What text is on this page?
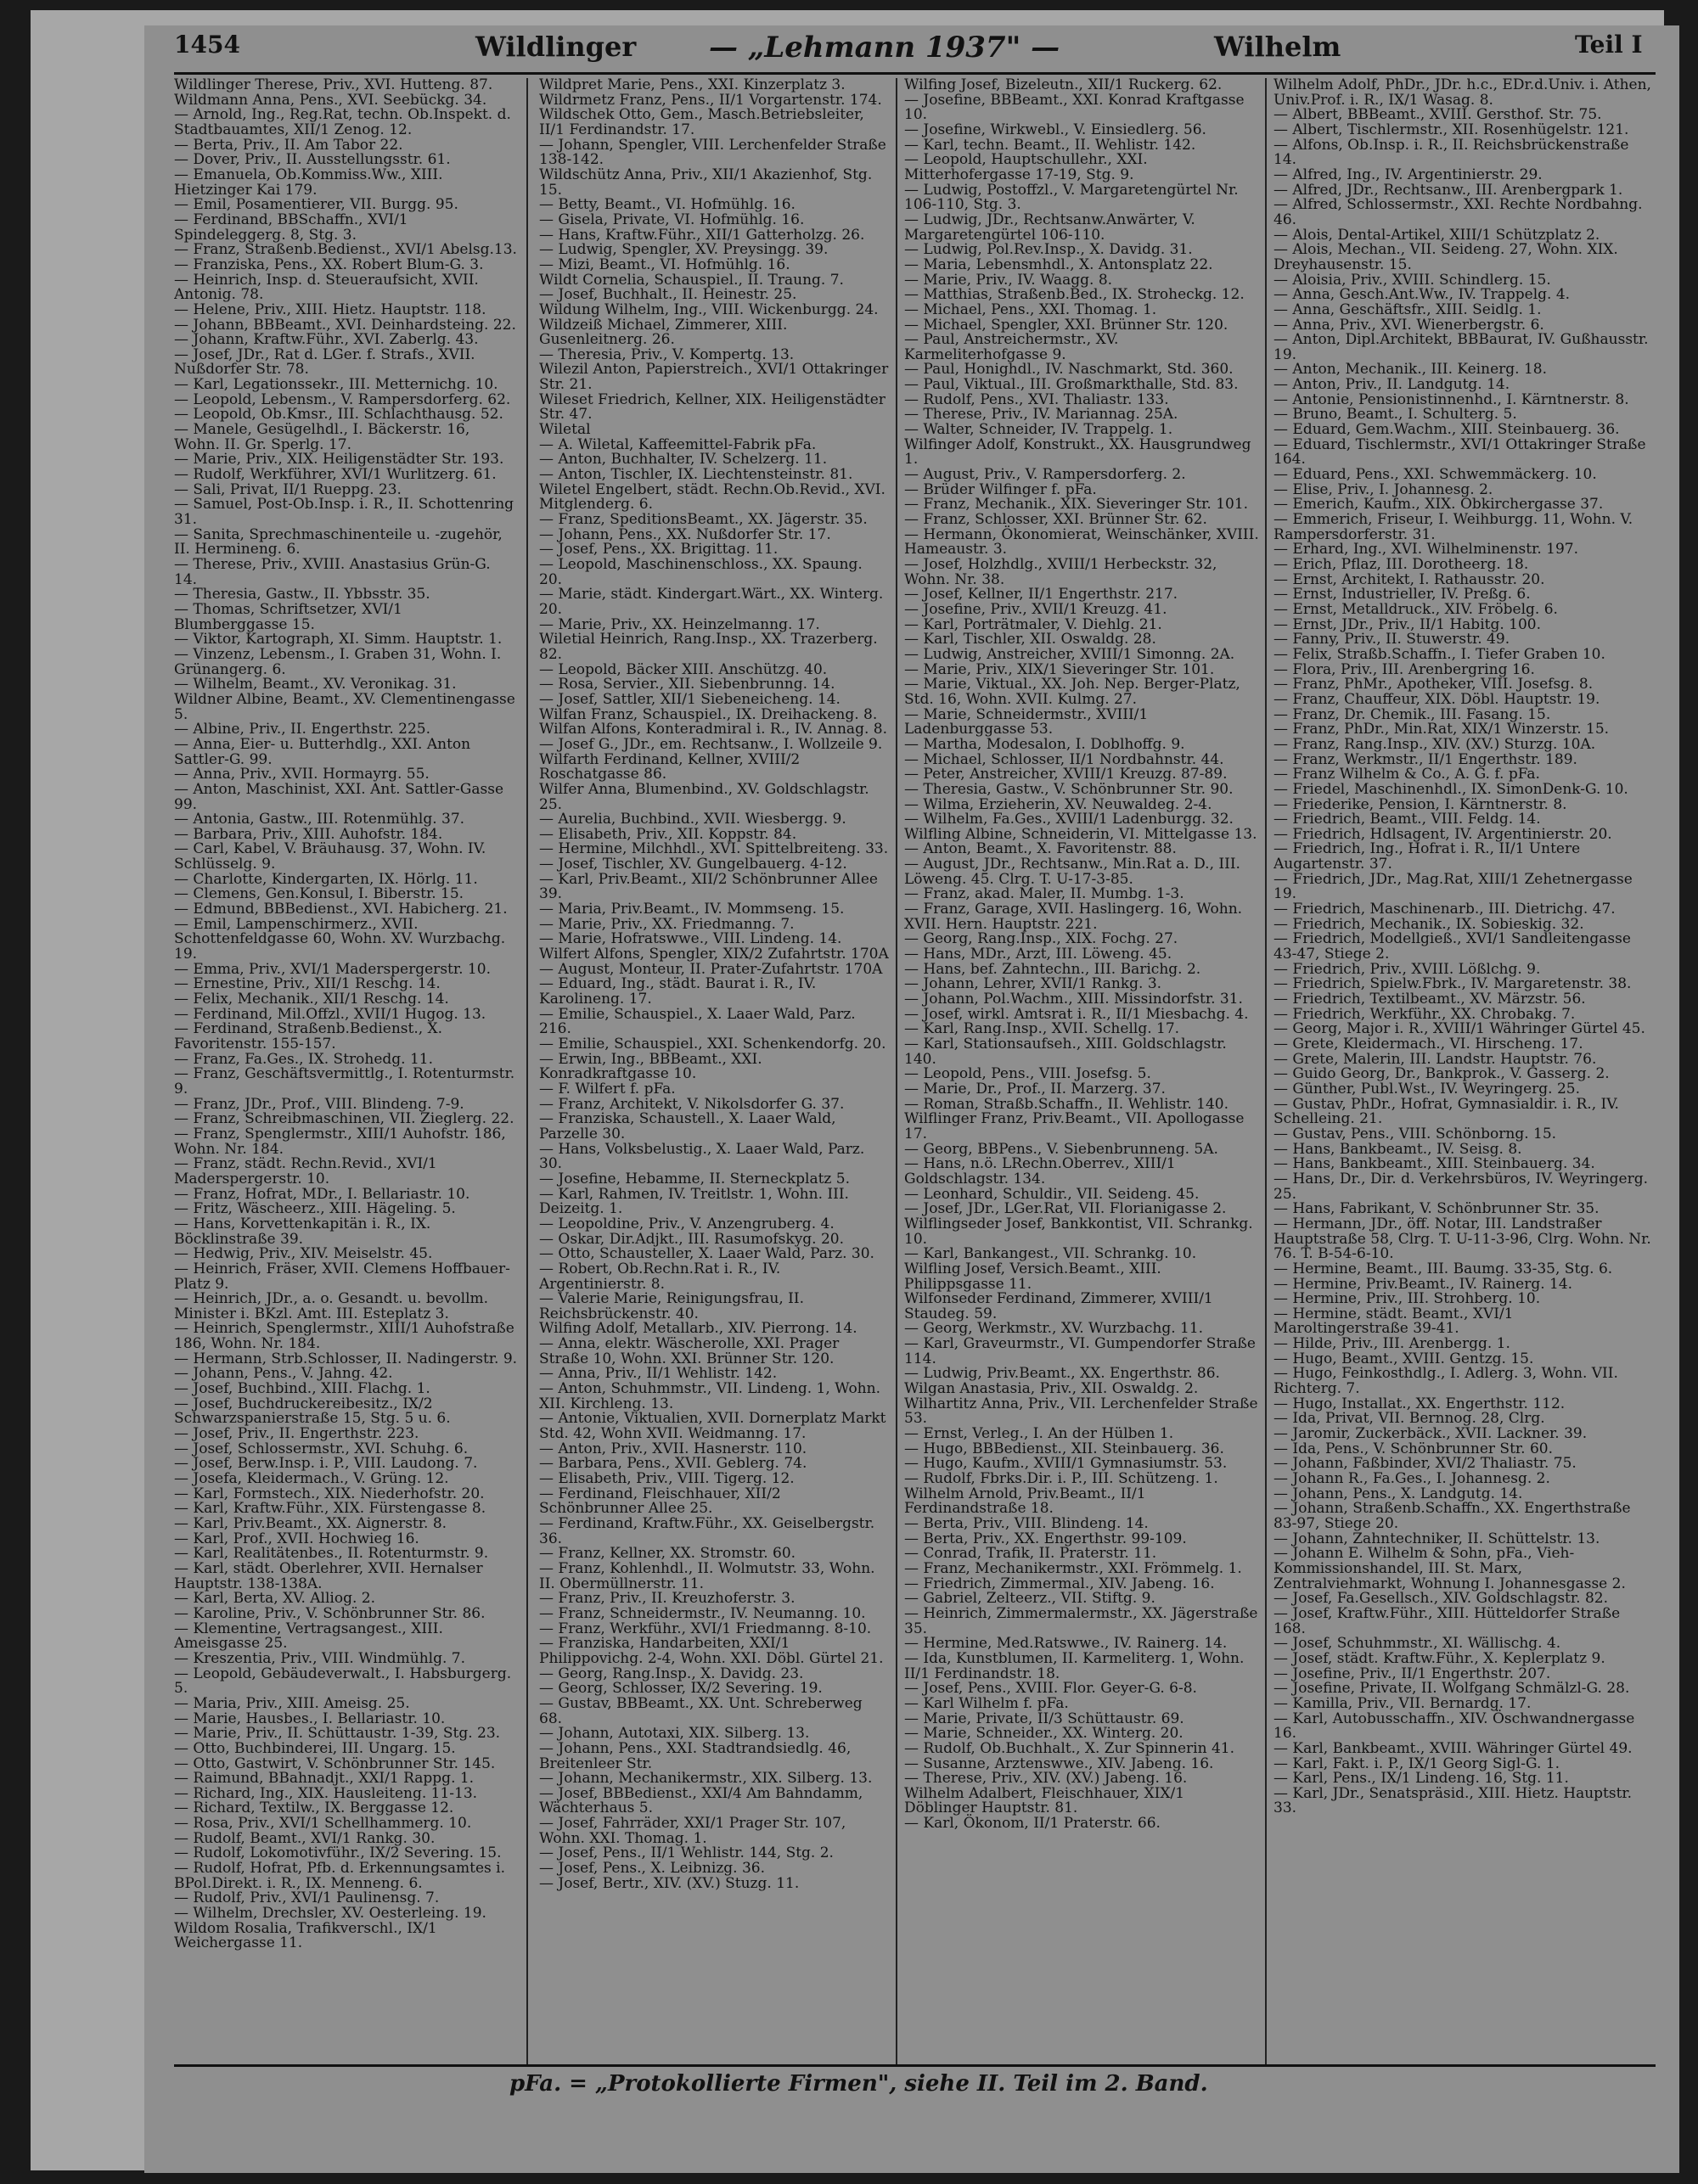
1454	Wildlinger	— „Lehmann 1937" —	Wilhelm	Teil I
Wildlinger Therese, Priv., XVI. Hutteng. 87.
Wildmann Anna, Pens., XVI. Seebückg. 34.
— Arnold, Ing., Reg.Rat, techn. Ob.Inspekt. d. Stadtbauamtes, XII/1 Zenog. 12.
— Berta, Priv., II. Am Tabor 22.
— Dover, Priv., II. Ausstellungsstr. 61.
— Emanuela, Ob.Kommiss.Ww., XIII. Hietzinger Kai 179.
— Emil, Posamentierer, VII. Burgg. 95.
— Ferdinand, BBSchaffn., XVI/1 Spindeleggerg. 8, Stg. 3.
— Franz, Straßenb.Bedienst., XVI/1 Abelsg.13.
— Franziska, Pens., XX. Robert Blum-G. 3.
— Heinrich, Insp. d. Steueraufsicht, XVII. Antonig. 78.
— Helene, Priv., XIII. Hietz. Hauptstr. 118.
— Johann, BBBeamt., XVI. Deinhardsteing. 22.
— Johann, Kraftw.Führ., XVI. Zaberlg. 43.
— Josef, JDr., Rat d. LGer. f. Strafs., XVII. Nußdorfer Str. 78.
— Karl, Legationssekr., III. Metternichg. 10.
— Leopold, Lebensm., V. Rampersdorferg. 62.
— Leopold, Ob.Kmsr., III. Schlachthausg. 52.
— Manele, Gesügelhdl., I. Bäckerstr. 16, Wohn. II. Gr. Sperlg. 17.
— Marie, Priv., XIX. Heiligenstädter Str. 193.
— Rudolf, Werkführer, XVI/1 Wurlitzerg. 61.
— Sali, Privat, II/1 Rueppg. 23.
— Samuel, Post-Ob.Insp. i. R., II. Schottenring 31.
— Sanita, Sprechmaschinenteile u. -zugehör, II. Hermineng. 6.
— Therese, Priv., XVIII. Anastasius Grün-G. 14.
— Theresia, Gastw., II. Ybbsstr. 35.
— Thomas, Schriftsetzer, XVI/1 Blumberggasse 15.
— Viktor, Kartograph, XI. Simm. Hauptstr. 1.
— Vinzenz, Lebensm., I. Graben 31, Wohn. I. Grünangerg. 6.
— Wilhelm, Beamt., XV. Veronikag. 31.
Wildner Albine, Beamt., XV. Clementinengasse 5.
— Albine, Priv., II. Engerthstr. 225.
— Anna, Eier- u. Butterhdlg., XXI. Anton Sattler-G. 99.
— Anna, Priv., XVII. Hormayrg. 55.
— Anton, Maschinist, XXI. Ant. Sattler-Gasse 99.
— Antonia, Gastw., III. Rotenmühlg. 37.
— Barbara, Priv., XIII. Auhofstr. 184.
— Carl, Kabel, V. Bräuhausg. 37, Wohn. IV. Schlüsselg. 9.
— Charlotte, Kindergarten, IX. Hörlg. 11.
— Clemens, Gen.Konsul, I. Biberstr. 15.
— Edmund, BBBedienst., XVI. Habicherg. 21.
— Emil, Lampenschirmerz., XVII. Schottenfeldgasse 60, Wohn. XV. Wurzbachg. 19.
— Emma, Priv., XVI/1 Maderspergerstr. 10.
— Ernestine, Priv., XII/1 Reschg. 14.
— Felix, Mechanik., XII/1 Reschg. 14.
— Ferdinand, Mil.Offzl., XVII/1 Hugog. 13.
— Ferdinand, Straßenb.Bedienst., X. Favoritenstr. 155-157.
— Franz, Fa.Ges., IX. Strohedg. 11.
— Franz, Geschäftsvermittlg., I. Rotenturmstr. 9.
— Franz, JDr., Prof., VIII. Blindeng. 7-9.
— Franz, Schreibmaschinen, VII. Zieglerg. 22.
— Franz, Spenglermstr., XIII/1 Auhofstr. 186, Wohn. Nr. 184.
— Franz, städt. Rechn.Revid., XVI/1 Maderspergerstr. 10.
— Franz, Hofrat, MDr., I. Bellariastr. 10.
— Fritz, Wäscheerz., XIII. Hägeling. 5.
— Hans, Korvettenkapitän i. R., IX. Böcklinstraße 39.
— Hedwig, Priv., XIV. Meiselstr. 45.
— Heinrich, Fräser, XVII. Clemens Hoffbauer-Platz 9.
— Heinrich, JDr., a. o. Gesandt. u. bevollm. Minister i. BKzl. Amt. III. Esteplatz 3.
— Heinrich, Spenglermstr., XIII/1 Auhofstraße 186, Wohn. Nr. 184.
— Hermann, Strb.Schlosser, II. Nadingerstr. 9.
— Johann, Pens., V. Jahng. 42.
— Josef, Buchbind., XIII. Flachg. 1.
— Josef, Buchdruckereibesitz., IX/2 Schwarzspanierstraße 15, Stg. 5 u. 6.
— Josef, Priv., II. Engerthstr. 223.
— Josef, Schlossermstr., XVI. Schuhg. 6.
— Josef, Berw.Insp. i. P., VIII. Laudong. 7.
— Josefa, Kleidermach., V. Grüng. 12.
— Karl, Formstech., XIX. Niederhofstr. 20.
— Karl, Kraftw.Führ., XIX. Fürstengasse 8.
— Karl, Priv.Beamt., XX. Aignerstr. 8.
— Karl, Prof., XVII. Hochwieg 16.
— Karl, Realitätenbes., II. Rotenturmstr. 9.
— Karl, städt. Oberlehrer, XVII. Hernalser Hauptstr. 138-138A.
— Karl, Berta, XV. Alliog. 2.
— Karoline, Priv., V. Schönbrunner Str. 86.
— Klementine, Vertragsangest., XIII. Ameisgasse 25.
— Kreszentia, Priv., VIII. Windmühlg. 7.
— Leopold, Gebäudeverwalt., I. Habsburgerg. 5.
— Maria, Priv., XIII. Ameisg. 25.
— Marie, Hausbes., I. Bellariastr. 10.
— Marie, Priv., II. Schüttaustr. 1-39, Stg. 23.
— Otto, Buchbinderei, III. Ungarg. 15.
— Otto, Gastwirt, V. Schönbrunner Str. 145.
— Raimund, BBahnadjt., XXI/1 Rappg. 1.
— Richard, Ing., XIX. Hausleiteng. 11-13.
— Richard, Textilw., IX. Berggasse 12.
— Rosa, Priv., XVI/1 Schellhammerg. 10.
— Rudolf, Beamt., XVI/1 Rankg. 30.
— Rudolf, Lokomotivführ., IX/2 Severing. 15.
— Rudolf, Hofrat, Pfb. d. Erkennungsamtes i. BPol.Direkt. i. R., IX. Menneng. 6.
— Rudolf, Priv., XVI/1 Paulinensg. 7.
— Wilhelm, Drechsler, XV. Oesterleing. 19.
Wildom Rosalia, Trafikverschl., IX/1 Weichergasse 11.
Wildpret Marie, Pens., XXI. Kinzerplatz 3.
Wildrmetz Franz, Pens., II/1 Vorgartenstr. 174.
Wildschek Otto, Gem., Masch.Betriebsleiter, II/1 Ferdinandstr. 17.
— Johann, Spengler, VIII. Lerchenfelder Straße 138-142.
Wildschütz Anna, Priv., XII/1 Akazienhof, Stg. 15.
— Betty, Beamt., VI. Hofmühlg. 16.
— Gisela, Private, VI. Hofmühlg. 16.
— Hans, Kraftw.Führ., XII/1 Gatterholzg. 26.
— Ludwig, Spengler, XV. Preysingg. 39.
— Mizi, Beamt., VI. Hofmühlg. 16.
Wildt Cornelia, Schauspiel., II. Traung. 7.
— Josef, Buchhalt., II. Heinestr. 25.
Wildung Wilhelm, Ing., VIII. Wickenburgg. 24.
Wildzeiß Michael, Zimmerer, XIII. Gusenleitnerg. 26.
— Theresia, Priv., V. Kompertg. 13.
Wilezil Anton, Papierstreich., XVI/1 Ottakringer Str. 21.
Wileset Friedrich, Kellner, XIX. Heiligenstädter Str. 47.
Wiletal
— A. Wiletal, Kaffeemittel-Fabrik pFa.
— Anton, Buchhalter, IV. Schelzerg. 11.
— Anton, Tischler, IX. Liechtensteinstr. 81.
Wiletel Engelbert, städt. Rechn.Ob.Revid., XVI. Mitglenderg. 6.
— Franz, SpeditionsBeamt., XX. Jägerstr. 35.
— Johann, Pens., XX. Nußdorfer Str. 17.
— Josef, Pens., XX. Brigittag. 11.
— Leopold, Maschinenschloss., XX. Spaung. 20.
— Marie, städt. Kindergart.Wärt., XX. Winterg. 20.
— Marie, Priv., XX. Heinzelmanng. 17.
Wiletial Heinrich, Rang.Insp., XX. Trazerberg. 82.
— Leopold, Bäcker XIII. Anschützg. 40.
— Rosa, Servier., XII. Siebenbrunng. 14.
— Josef, Sattler, XII/1 Siebeneicheng. 14.
Wilfan Franz, Schauspiel., IX. Dreihackeng. 8.
Wilfan Alfons, Konteradmiral i. R., IV. Annag. 8.
— Josef G., JDr., em. Rechtsanw., I. Wollzeile 9.
Wilfarth Ferdinand, Kellner, XVIII/2 Roschatgasse 86.
Wilfer Anna, Blumenbind., XV. Goldschlagstr. 25.
— Aurelia, Buchbind., XVII. Wiesbergg. 9.
— Elisabeth, Priv., XII. Koppstr. 84.
— Hermine, Milchhdl., XVI. Spittelbreiteng. 33.
— Josef, Tischler, XV. Gungelbauerg. 4-12.
— Karl, Priv.Beamt., XII/2 Schönbrunner Allee 39.
— Maria, Priv.Beamt., IV. Mommseng. 15.
— Marie, Priv., XX. Friedmanng. 7.
— Marie, Hofratswwe., VIII. Lindeng. 14.
Wilfert Alfons, Spengler, XIX/2 Zufahrtstr. 170A
— August, Monteur, II. Prater-Zufahrtstr. 170A
— Eduard, Ing., städt. Baurat i. R., IV. Karolineng. 17.
— Emilie, Schauspiel., X. Laaer Wald, Parz. 216.
— Emilie, Schauspiel., XXI. Schenkendorfg. 20.
— Erwin, Ing., BBBeamt., XXI. Konradkraftgasse 10.
— F. Wilfert f. pFa.
— Franz, Architekt, V. Nikolsdorfer G. 37.
— Franziska, Schaustell., X. Laaer Wald, Parzelle 30.
— Hans, Volksbelustig., X. Laaer Wald, Parz. 30.
— Josefine, Hebamme, II. Sterneckplatz 5.
— Karl, Rahmen, IV. Treitlstr. 1, Wohn. III. Deizeitg. 1.
— Leopoldine, Priv., V. Anzengruberg. 4.
— Oskar, Dir.Adjkt., III. Rasumofskyg. 20.
— Otto, Schausteller, X. Laaer Wald, Parz. 30.
— Robert, Ob.Rechn.Rat i. R., IV. Argentinierstr. 8.
— Valerie Marie, Reinigungsfrau, II. Reichsbrückenstr. 40.
Wilfing Adolf, Metallarb., XIV. Pierrong. 14.
— Anna, elektr. Wäscherolle, XXI. Prager Straße 10, Wohn. XXI. Brünner Str. 120.
— Anna, Priv., II/1 Wehlistr. 142.
— Anton, Schuhmmstr., VII. Lindeng. 1, Wohn. XII. Kirchleng. 13.
— Antonie, Viktualien, XVII. Dornerplatz Markt Std. 42, Wohn XVII. Weidmanng. 17.
— Anton, Priv., XVII. Hasnerstr. 110.
— Barbara, Pens., XVII. Geblerg. 74.
— Elisabeth, Priv., VIII. Tigerg. 12.
— Ferdinand, Fleischhauer, XII/2 Schönbrunner Allee 25.
— Ferdinand, Kraftw.Führ., XX. Geiselbergstr. 36.
— Franz, Kellner, XX. Stromstr. 60.
— Franz, Kohlenhdl., II. Wolmutstr. 33, Wohn. II. Obermüllnerstr. 11.
— Franz, Priv., II. Kreuzhoferstr. 3.
— Franz, Schneidermstr., IV. Neumanng. 10.
— Franz, Werkführ., XVI/1 Friedmanng. 8-10.
— Franziska, Handarbeiten, XXI/1 Philippovichg. 2-4, Wohn. XXI. Döbl. Gürtel 21.
— Georg, Rang.Insp., X. Davidg. 23.
— Georg, Schlosser, IX/2 Severing. 19.
— Gustav, BBBeamt., XX. Unt. Schreberweg 68.
— Johann, Autotaxi, XIX. Silberg. 13.
— Johann, Pens., XXI. Stadtrandsiedlg. 46, Breitenleer Str.
— Johann, Mechanikermstr., XIX. Silberg. 13.
— Josef, BBBedienst., XXI/4 Am Bahndamm, Wächterhaus 5.
— Josef, Fahrräder, XXI/1 Prager Str. 107, Wohn. XXI. Thomag. 1.
— Josef, Pens., II/1 Wehlistr. 144, Stg. 2.
— Josef, Pens., X. Leibnizg. 36.
— Josef, Bertr., XIV. (XV.) Stuzg. 11.
Wilfing Josef, Bizeleutn., XII/1 Ruckerg. 62.
— Josefine, BBBeamt., XXI. Konrad Kraftgasse 10.
— Josefine, Wirkwebl., V. Einsiedlerg. 56.
— Karl, techn. Beamt., II. Wehlistr. 142.
— Leopold, Hauptschullehr., XXI. Mitterhofergasse 17-19, Stg. 9.
— Ludwig, Postoffzl., V. Margaretengürtel Nr. 106-110, Stg. 3.
— Ludwig, JDr., Rechtsanw.Anwärter, V. Margaretengürtel 106-110.
— Ludwig, Pol.Rev.Insp., X. Davidg. 31.
— Maria, Lebensmhdl., X. Antonsplatz 22.
— Marie, Priv., IV. Waagg. 8.
— Matthias, Straßenb.Bed., IX. Stroheckg. 12.
— Michael, Pens., XXI. Thomag. 1.
— Michael, Spengler, XXI. Brünner Str. 120.
— Paul, Anstreichermstr., XV. Karmeliterhofgasse 9.
— Paul, Honighdl., IV. Naschmarkt, Std. 360.
— Paul, Viktual., III. Großmarkthalle, Std. 83.
— Rudolf, Pens., XVI. Thaliastr. 133.
— Therese, Priv., IV. Mariannag. 25A.
— Walter, Schneider, IV. Trappelg. 1.
Wilfinger Adolf, Konstrukt., XX. Hausgrundweg 1.
— August, Priv., V. Rampersdorferg. 2.
— Brüder Wilfinger f. pFa.
— Franz, Mechanik., XIX. Sieveringer Str. 101.
— Franz, Schlosser, XXI. Brünner Str. 62.
— Hermann, Ökonomierat, Weinschänker, XVIII. Hameaustr. 3.
— Josef, Holzhdlg., XVIII/1 Herbeckstr. 32, Wohn. Nr. 38.
— Josef, Kellner, II/1 Engerthstr. 217.
— Josefine, Priv., XVII/1 Kreuzg. 41.
— Karl, Porträtmaler, V. Diehlg. 21.
— Karl, Tischler, XII. Oswaldg. 28.
— Ludwig, Anstreicher, XVIII/1 Simonng. 2A.
— Marie, Priv., XIX/1 Sieveringer Str. 101.
— Marie, Viktual., XX. Joh. Nep. Berger-Platz, Std. 16, Wohn. XVII. Kulmg. 27.
— Marie, Schneidermstr., XVIII/1 Ladenburggasse 53.
— Martha, Modesalon, I. Doblhoffg. 9.
— Michael, Schlosser, II/1 Nordbahnstr. 44.
— Peter, Anstreicher, XVIII/1 Kreuzg. 87-89.
— Theresia, Gastw., V. Schönbrunner Str. 90.
— Wilma, Erzieherin, XV. Neuwaldeg. 2-4.
— Wilhelm, Fa.Ges., XVIII/1 Ladenburgg. 32.
Wilfling Albine, Schneiderin, VI. Mittelgasse 13.
— Anton, Beamt., X. Favoritenstr. 88.
— August, JDr., Rechtsanw., Min.Rat a. D., III. Löweng. 45. Clrg. T. U-17-3-85.
— Franz, akad. Maler, II. Mumbg. 1-3.
— Franz, Garage, XVII. Haslingerg. 16, Wohn. XVII. Hern. Hauptstr. 221.
— Georg, Rang.Insp., XIX. Fochg. 27.
— Hans, MDr., Arzt, III. Löweng. 45.
— Hans, bef. Zahntechn., III. Barichg. 2.
— Johann, Lehrer, XVII/1 Rankg. 3.
— Johann, Pol.Wachm., XIII. Missindorfstr. 31.
— Josef, wirkl. Amtsrat i. R., II/1 Miesbachg. 4.
— Karl, Rang.Insp., XVII. Schellg. 17.
— Karl, Stationsaufseh., XIII. Goldschlagstr. 140.
— Leopold, Pens., VIII. Josefsg. 5.
— Marie, Dr., Prof., II. Marzerg. 37.
— Roman, Straßb.Schaffn., II. Wehlistr. 140.
Wilflinger Franz, Priv.Beamt., VII. Apollogasse 17.
— Georg, BBPens., V. Siebenbrunneng. 5A.
— Hans, n.ö. LRechn.Oberrev., XIII/1 Goldschlagstr. 134.
— Leonhard, Schuldir., VII. Seideng. 45.
— Josef, JDr., LGer.Rat, VII. Florianigasse 2.
Wilflingseder Josef, Bankkontist, VII. Schrankg. 10.
— Karl, Bankangest., VII. Schrankg. 10.
Wilfling Josef, Versich.Beamt., XIII. Philippsgasse 11.
Wilfonseder Ferdinand, Zimmerer, XVIII/1 Staudeg. 59.
— Georg, Werkmstr., XV. Wurzbachg. 11.
— Karl, Graveurmstr., VI. Gumpendorfer Straße 114.
— Ludwig, Priv.Beamt., XX. Engerthstr. 86.
Wilgan Anastasia, Priv., XII. Oswaldg. 2.
Wilhartitz Anna, Priv., VII. Lerchenfelder Straße 53.
— Ernst, Verleg., I. An der Hülben 1.
— Hugo, BBBedienst., XII. Steinbauerg. 36.
— Hugo, Kaufm., XVIII/1 Gymnasiumstr. 53.
— Rudolf, Fbrks.Dir. i. P., III. Schützeng. 1.
Wilhelm Arnold, Priv.Beamt., II/1 Ferdinandstraße 18.
— Berta, Priv., VIII. Blindeng. 14.
— Berta, Priv., XX. Engerthstr. 99-109.
— Conrad, Trafik, II. Praterstr. 11.
— Franz, Mechanikermstr., XXI. Frömmelg. 1.
— Friedrich, Zimmermal., XIV. Jabeng. 16.
— Gabriel, Zelteerz., VII. Stiftg. 9.
— Heinrich, Zimmermalermstr., XX. Jägerstraße 35.
— Hermine, Med.Ratswwe., IV. Rainerg. 14.
— Ida, Kunstblumen, II. Karmeliterg. 1, Wohn. II/1 Ferdinandstr. 18.
— Josef, Pens., XVIII. Flor. Geyer-G. 6-8.
— Karl Wilhelm f. pFa.
— Marie, Private, II/3 Schüttaustr. 69.
— Marie, Schneider., XX. Winterg. 20.
— Rudolf, Ob.Buchhalt., X. Zur Spinnerin 41.
— Susanne, Arztenswwe., XIV. Jabeng. 16.
— Therese, Priv., XIV. (XV.) Jabeng. 16.
Wilhelm Adalbert, Fleischhauer, XIX/1 Döblinger Hauptstr. 81.
— Karl, Ökonom, II/1 Praterstr. 66.
Wilhelm Adolf, PhDr., JDr. h.c., EDr.d.Univ. i. Athen, Univ.Prof. i. R., IX/1 Wasag. 8.
— Albert, BBBeamt., XVIII. Gersthof. Str. 75.
— Albert, Tischlermstr., XII. Rosenhügelstr. 121.
— Alfons, Ob.Insp. i. R., II. Reichsbrückenstraße 14.
— Alfred, Ing., IV. Argentinierstr. 29.
— Alfred, JDr., Rechtsanw., III. Arenbergpark 1.
— Alfred, Schlossermstr., XXI. Rechte Nordbahng. 46.
— Alois, Dental-Artikel, XIII/1 Schützplatz 2.
— Alois, Mechan., VII. Seideng. 27, Wohn. XIX. Dreyhausenstr. 15.
— Aloisia, Priv., XVIII. Schindlerg. 15.
— Anna, Gesch.Ant.Ww., IV. Trappelg. 4.
— Anna, Geschäftsfr., XIII. Seidlg. 1.
— Anna, Priv., XVI. Wienerbergstr. 6.
— Anton, Dipl.Architekt, BBBaurat, IV. Gußhausstr. 19.
— Anton, Mechanik., III. Keinerg. 18.
— Anton, Priv., II. Landgutg. 14.
— Antonie, Pensionistinnenhd., I. Kärntnerstr. 8.
— Bruno, Beamt., I. Schulterg. 5.
— Eduard, Gem.Wachm., XIII. Steinbauerg. 36.
— Eduard, Tischlermstr., XVI/1 Ottakringer Straße 164.
— Eduard, Pens., XXI. Schwemmäckerg. 10.
— Elise, Priv., I. Johannesg. 2.
— Emerich, Kaufm., XIX. Obkirchergasse 37.
— Emmerich, Friseur, I. Weihburgg. 11, Wohn. V. Rampersdorferstr. 31.
— Erhard, Ing., XVI. Wilhelminenstr. 197.
— Erich, Pflaz, III. Dorotheerg. 18.
— Ernst, Architekt, I. Rathausstr. 20.
— Ernst, Industrieller, IV. Preßg. 6.
— Ernst, Metalldruck., XIV. Fröbelg. 6.
— Ernst, JDr., Priv., II/1 Habitg. 100.
— Fanny, Priv., II. Stuwerstr. 49.
— Felix, Straßb.Schaffn., I. Tiefer Graben 10.
— Flora, Priv., III. Arenbergring 16.
— Franz, PhMr., Apotheker, VIII. Josefsg. 8.
— Franz, Chauffeur, XIX. Döbl. Hauptstr. 19.
— Franz, Dr. Chemik., III. Fasang. 15.
— Franz, PhDr., Min.Rat, XIX/1 Winzerstr. 15.
— Franz, Rang.Insp., XIV. (XV.) Sturzg. 10A.
— Franz, Werkmstr., II/1 Engerthstr. 189.
— Franz Wilhelm & Co., A. G. f. pFa.
— Friedel, Maschinenhdl., IX. SimonDenk-G. 10.
— Friederike, Pension, I. Kärntnerstr. 8.
— Friedrich, Beamt., VIII. Feldg. 14.
— Friedrich, Hdlsagent, IV. Argentinierstr. 20.
— Friedrich, Ing., Hofrat i. R., II/1 Untere Augartenstr. 37.
— Friedrich, JDr., Mag.Rat, XIII/1 Zehetnergasse 19.
— Friedrich, Maschinenarb., III. Dietrichg. 47.
— Friedrich, Mechanik., IX. Sobieskig. 32.
— Friedrich, Modellgieß., XVI/1 Sandleitengasse 43-47, Stiege 2.
— Friedrich, Priv., XVIII. Lößlchg. 9.
— Friedrich, Spielw.Fbrk., IV. Margaretenstr. 38.
— Friedrich, Textilbeamt., XV. Märzstr. 56.
— Friedrich, Werkführ., XX. Chrobakg. 7.
— Georg, Major i. R., XVIII/1 Währinger Gürtel 45.
— Grete, Kleidermach., VI. Hirscheng. 17.
— Grete, Malerin, III. Landstr. Hauptstr. 76.
— Guido Georg, Dr., Bankprok., V. Gasserg. 2.
— Günther, Publ.Wst., IV. Weyringerg. 25.
— Gustav, PhDr., Hofrat, Gymnasialdir. i. R., IV. Schelleing. 21.
— Gustav, Pens., VIII. Schönborng. 15.
— Hans, Bankbeamt., IV. Seisg. 8.
— Hans, Bankbeamt., XIII. Steinbauerg. 34.
— Hans, Dr., Dir. d. Verkehrsbüros, IV. Weyringerg. 25.
— Hans, Fabrikant, V. Schönbrunner Str. 35.
— Hermann, JDr., öff. Notar, III. Landstraßer Hauptstraße 58, Clrg. T. U-11-3-96, Clrg. Wohn. Nr. 76. T. B-54-6-10.
— Hermine, Beamt., III. Baumg. 33-35, Stg. 6.
— Hermine, Priv.Beamt., IV. Rainerg. 14.
— Hermine, Priv., III. Strohberg. 10.
— Hermine, städt. Beamt., XVI/1 Maroltingerstraße 39-41.
— Hilde, Priv., III. Arenbergg. 1.
— Hugo, Beamt., XVIII. Gentzg. 15.
— Hugo, Feinkosthdlg., I. Adlerg. 3, Wohn. VII. Richterg. 7.
— Hugo, Installat., XX. Engerthstr. 112.
— Ida, Privat, VII. Bernnog. 28, Clrg.
— Jaromir, Zuckerbäck., XVII. Lackner. 39.
— Ida, Pens., V. Schönbrunner Str. 60.
— Johann, Faßbinder, XVI/2 Thaliastr. 75.
— Johann R., Fa.Ges., I. Johannesg. 2.
— Johann, Pens., X. Landgutg. 14.
— Johann, Straßenb.Schaffn., XX. Engerthstraße 83-97, Stiege 20.
— Johann, Zahntechniker, II. Schüttelstr. 13.
— Johann E. Wilhelm & Sohn, pFa., Vieh-Kommissionshandel, III. St. Marx, Zentralviehmarkt, Wohnung I. Johannesgasse 2.
— Josef, Fa.Gesellsch., XIV. Goldschlagstr. 82.
— Josef, Kraftw.Führ., XIII. Hütteldorfer Straße 168.
— Josef, Schuhmmstr., XI. Wällischg. 4.
— Josef, städt. Kraftw.Führ., X. Keplerplatz 9.
— Josefine, Priv., II/1 Engerthstr. 207.
— Josefine, Private, II. Wolfgang Schmälzl-G. 28.
— Kamilla, Priv., VII. Bernardg. 17.
— Karl, Autobusschaffn., XIV. Öschwandnergasse 16.
— Karl, Bankbeamt., XVIII. Währinger Gürtel 49.
— Karl, Fakt. i. P., IX/1 Georg Sigl-G. 1.
— Karl, Pens., IX/1 Lindeng. 16, Stg. 11.
— Karl, JDr., Senatspräsid., XIII. Hietz. Hauptstr. 33.
pFa. = „Protokollierte Firmen", siehe II. Teil im 2. Band.
